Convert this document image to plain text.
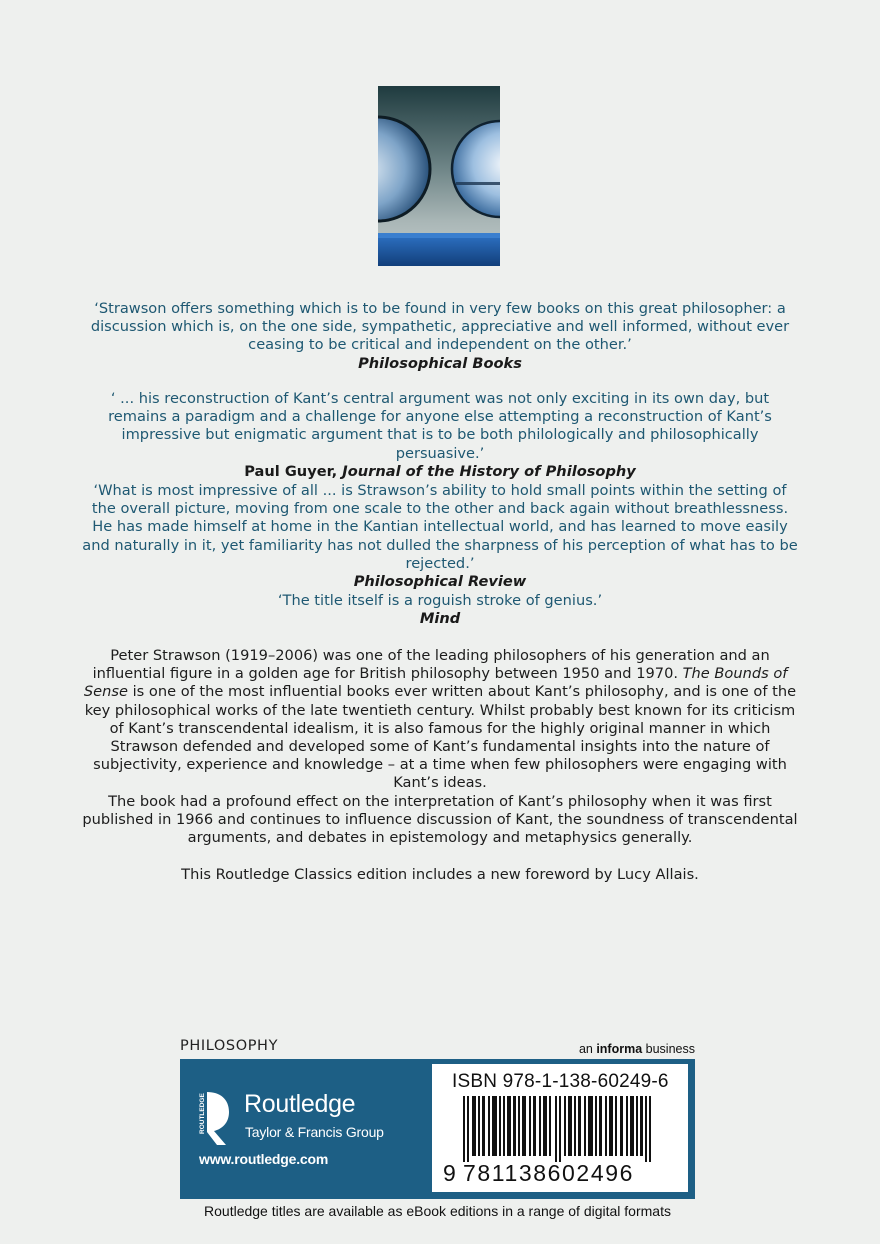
‘Strawson offers something which is to be found in very few books on this great philosopher: a discussion which is, on the one side, sympathetic, appreciative and well informed, without ever ceasing to be critical and independent on the other.’
Philosophical Books
‘ ... his reconstruction of Kant’s central argument was not only exciting in its own day, but remains a paradigm and a challenge for anyone else attempting a reconstruction of Kant’s impressive but enigmatic argument that is to be both philologically and philosophically persuasive.’
Paul Guyer, Journal of the History of Philosophy
‘What is most impressive of all ... is Strawson’s ability to hold small points within the setting of the overall picture, moving from one scale to the other and back again without breathlessness. He has made himself at home in the Kantian intellectual world, and has learned to move easily and naturally in it, yet familiarity has not dulled the sharpness of his perception of what has to be rejected.’
Philosophical Review
‘The title itself is a roguish stroke of genius.’
Mind
Peter Strawson (1919–2006) was one of the leading philosophers of his generation and an influential figure in a golden age for British philosophy between 1950 and 1970. The Bounds of Sense is one of the most influential books ever written about Kant’s philosophy, and is one of the key philosophical works of the late twentieth century. Whilst probably best known for its criticism of Kant’s transcendental idealism, it is also famous for the highly original manner in which Strawson defended and developed some of Kant’s fundamental insights into the nature of subjectivity, experience and knowledge – at a time when few philosophers were engaging with Kant’s ideas.
The book had a profound effect on the interpretation of Kant’s philosophy when it was first published in 1966 and continues to influence discussion of Kant, the soundness of transcendental arguments, and debates in epistemology and metaphysics generally.
This Routledge Classics edition includes a new foreword by Lucy Allais.
PHILOSOPHY	an informa business
ROUTLEDGE Routledge
Taylor & Francis Group
www.routledge.com
ISBN 978-1-138-60249-6
9 781138602496
Routledge titles are available as eBook editions in a range of digital formats
